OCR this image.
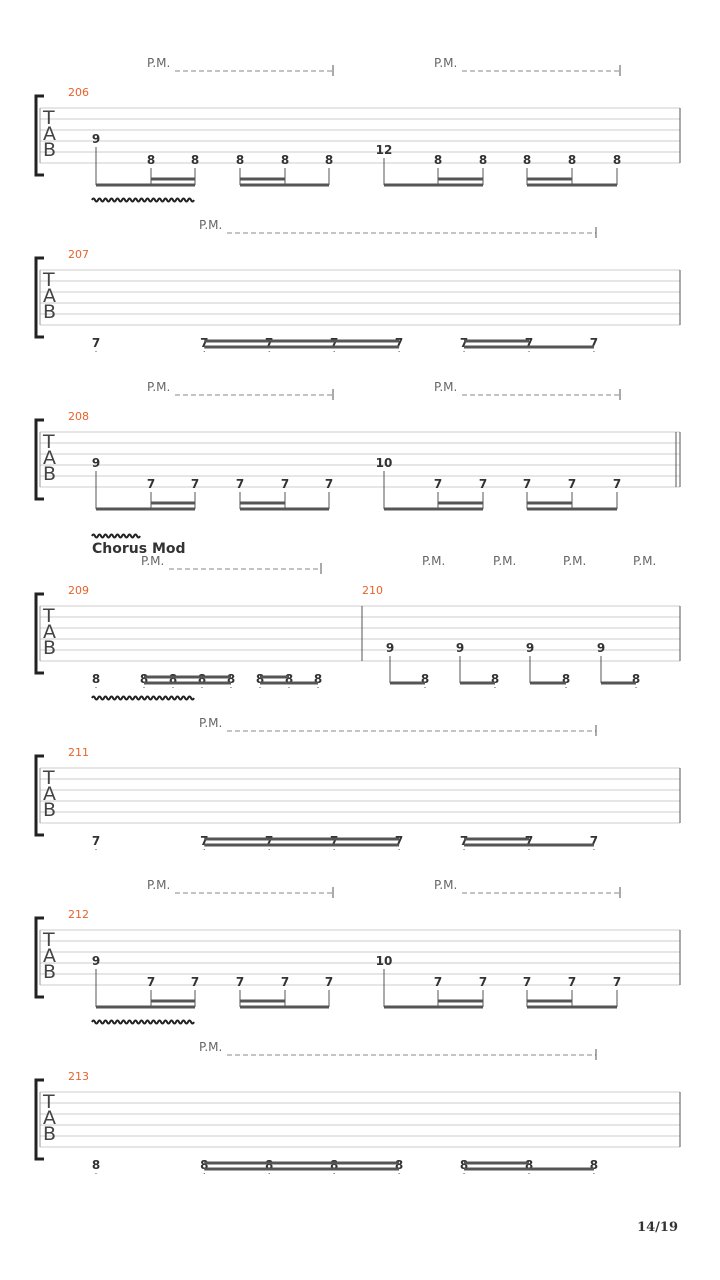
T
A
B
206
P.M.	P.M.
9
8	8	8	8	8
12
8	8	8	8	8
T
A
B
207
P.M.
7	7	7	7	7	7	7	7
T
A
B
208
P.M.	P.M.
9
7	7	7	7	7
10
7	7	7	7	7
T
A
B
209	210
Chorus Mod
P.M.	P.M.	P.M.	P.M.	P.M.
8	8 8 8 8 8 8 8
9
8
9
8
9
8
9
8
T
A
B
211
P.M.
7	7	7	7	7	7	7	7
T
A
B
212
P.M.	P.M.
9
7	7	7	7	7
10
7	7	7	7	7
T
A
B
213
P.M.
8	8	8	8	8	8	8	8
14/19
